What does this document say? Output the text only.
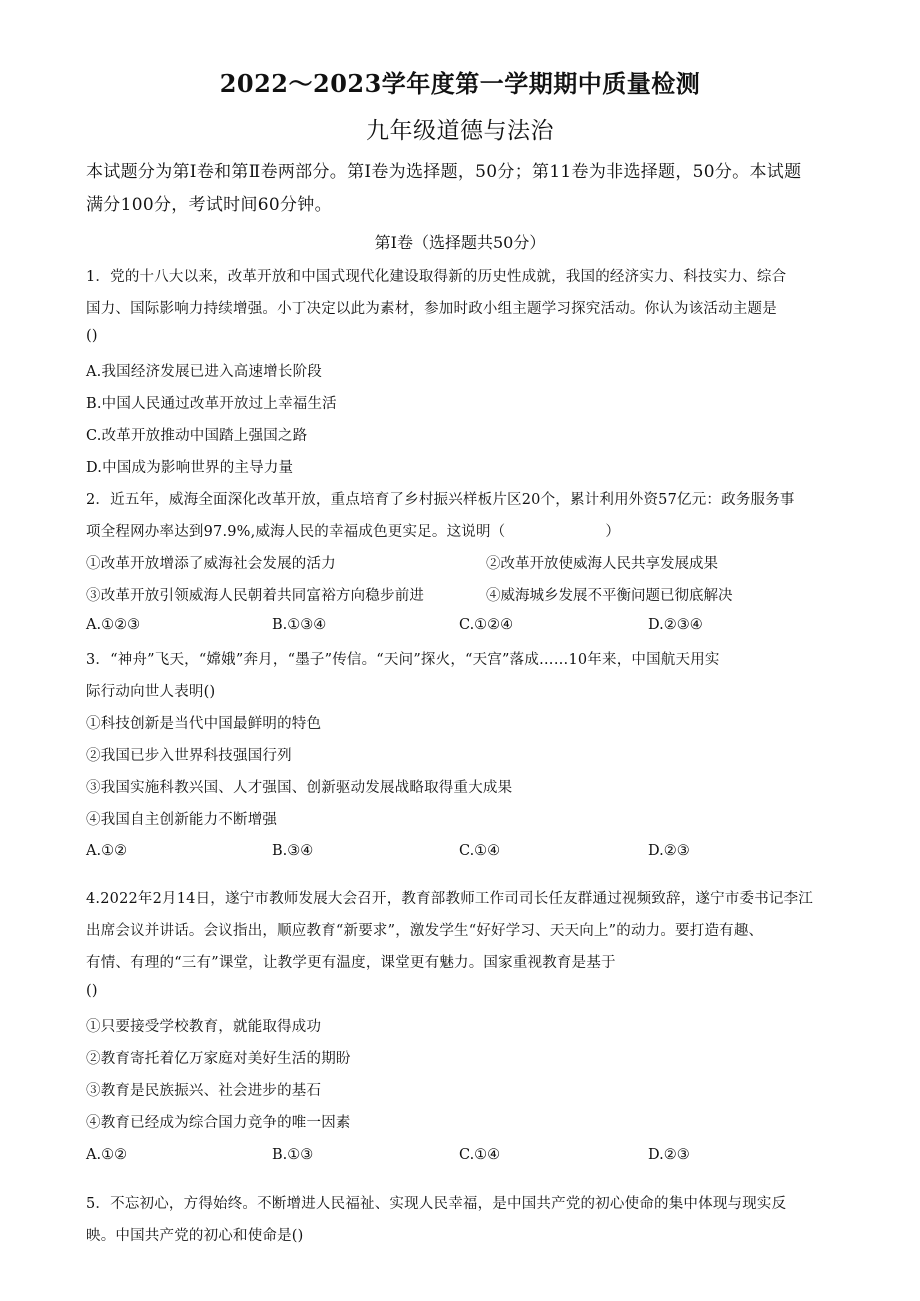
2022～2023学年度第一学期期中质量检测
九年级道德与法治
本试题分为第Ⅰ卷和第Ⅱ卷两部分。第Ⅰ卷为选择题，50分；第11卷为非选择题，50分。本试题
满分100分，考试时间60分钟。
第Ⅰ卷（选择题共50分）
1．党的十八大以来，改革开放和中国式现代化建设取得新的历史性成就，我国的经济实力、科技实力、综合
国力、国际影响力持续增强。小丁决定以此为素材，参加时政小组主题学习探究活动。你认为该活动主题是
()
A.我国经济发展已进入高速增长阶段
B.中国人民通过改革开放过上幸福生活
C.改革开放推动中国踏上强国之路
D.中国成为影响世界的主导力量
2．近五年，威海全面深化改革开放，重点培育了乡村振兴样板片区20个，累计利用外资57亿元：政务服务事
项全程网办率达到97.9%,威海人民的幸福成色更实足。这说明（	）
①改革开放增添了威海社会发展的活力	②改革开放使威海人民共享发展成果
③改革开放引领威海人民朝着共同富裕方向稳步前进	④威海城乡发展不平衡问题已彻底解决
A.①②③	B.①③④	C.①②④	D.②③④
3．“神舟”飞天，“嫦娥”奔月，“墨子”传信。“天问”探火，“天宫”落成……10年来，中国航天用实
际行动向世人表明()
①科技创新是当代中国最鲜明的特色
②我国已步入世界科技强国行列
③我国实施科教兴国、人才强国、创新驱动发展战略取得重大成果
④我国自主创新能力不断增强
A.①②	B.③④	C.①④	D.②③
4.2022年2月14日，遂宁市教师发展大会召开，教育部教师工作司司长任友群通过视频致辞，遂宁市委书记李江
出席会议并讲话。会议指出，顺应教育“新要求”，激发学生“好好学习、天天向上”的动力。要打造有趣、
有情、有理的“三有”课堂，让教学更有温度，课堂更有魅力。国家重视教育是基于
()
①只要接受学校教育，就能取得成功
②教育寄托着亿万家庭对美好生活的期盼
③教育是民族振兴、社会进步的基石
④教育已经成为综合国力竞争的唯一因素
A.①②	B.①③	C.①④	D.②③
5．不忘初心，方得始终。不断增进人民福祉、实现人民幸福，是中国共产党的初心使命的集中体现与现实反
映。中国共产党的初心和使命是()
